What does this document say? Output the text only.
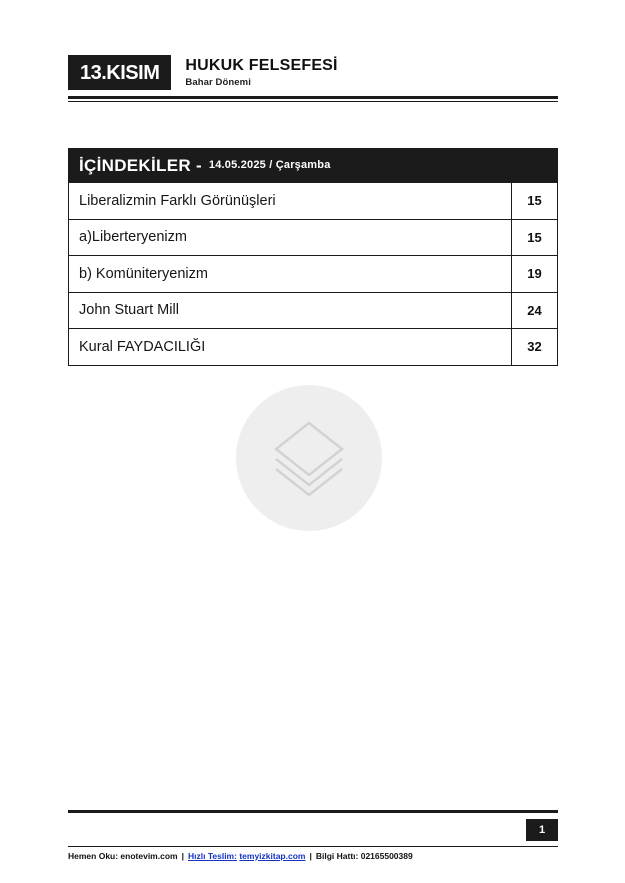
13.KISIM	HUKUK FELSEFESİ
Bahar Dönemi
İÇİNDEKİLER - 14.05.2025 / Çarşamba
Liberalizmin Farklı Görünüşleri	15
a)Liberteryenizm	15
b) Komüniteryenizm	19
John Stuart Mill	24
Kural FAYDACILIĞI	32
1
Hemen Oku: enotevim.com | Hızlı Teslim: temyizkitap.com | Bilgi Hattı: 02165500389
